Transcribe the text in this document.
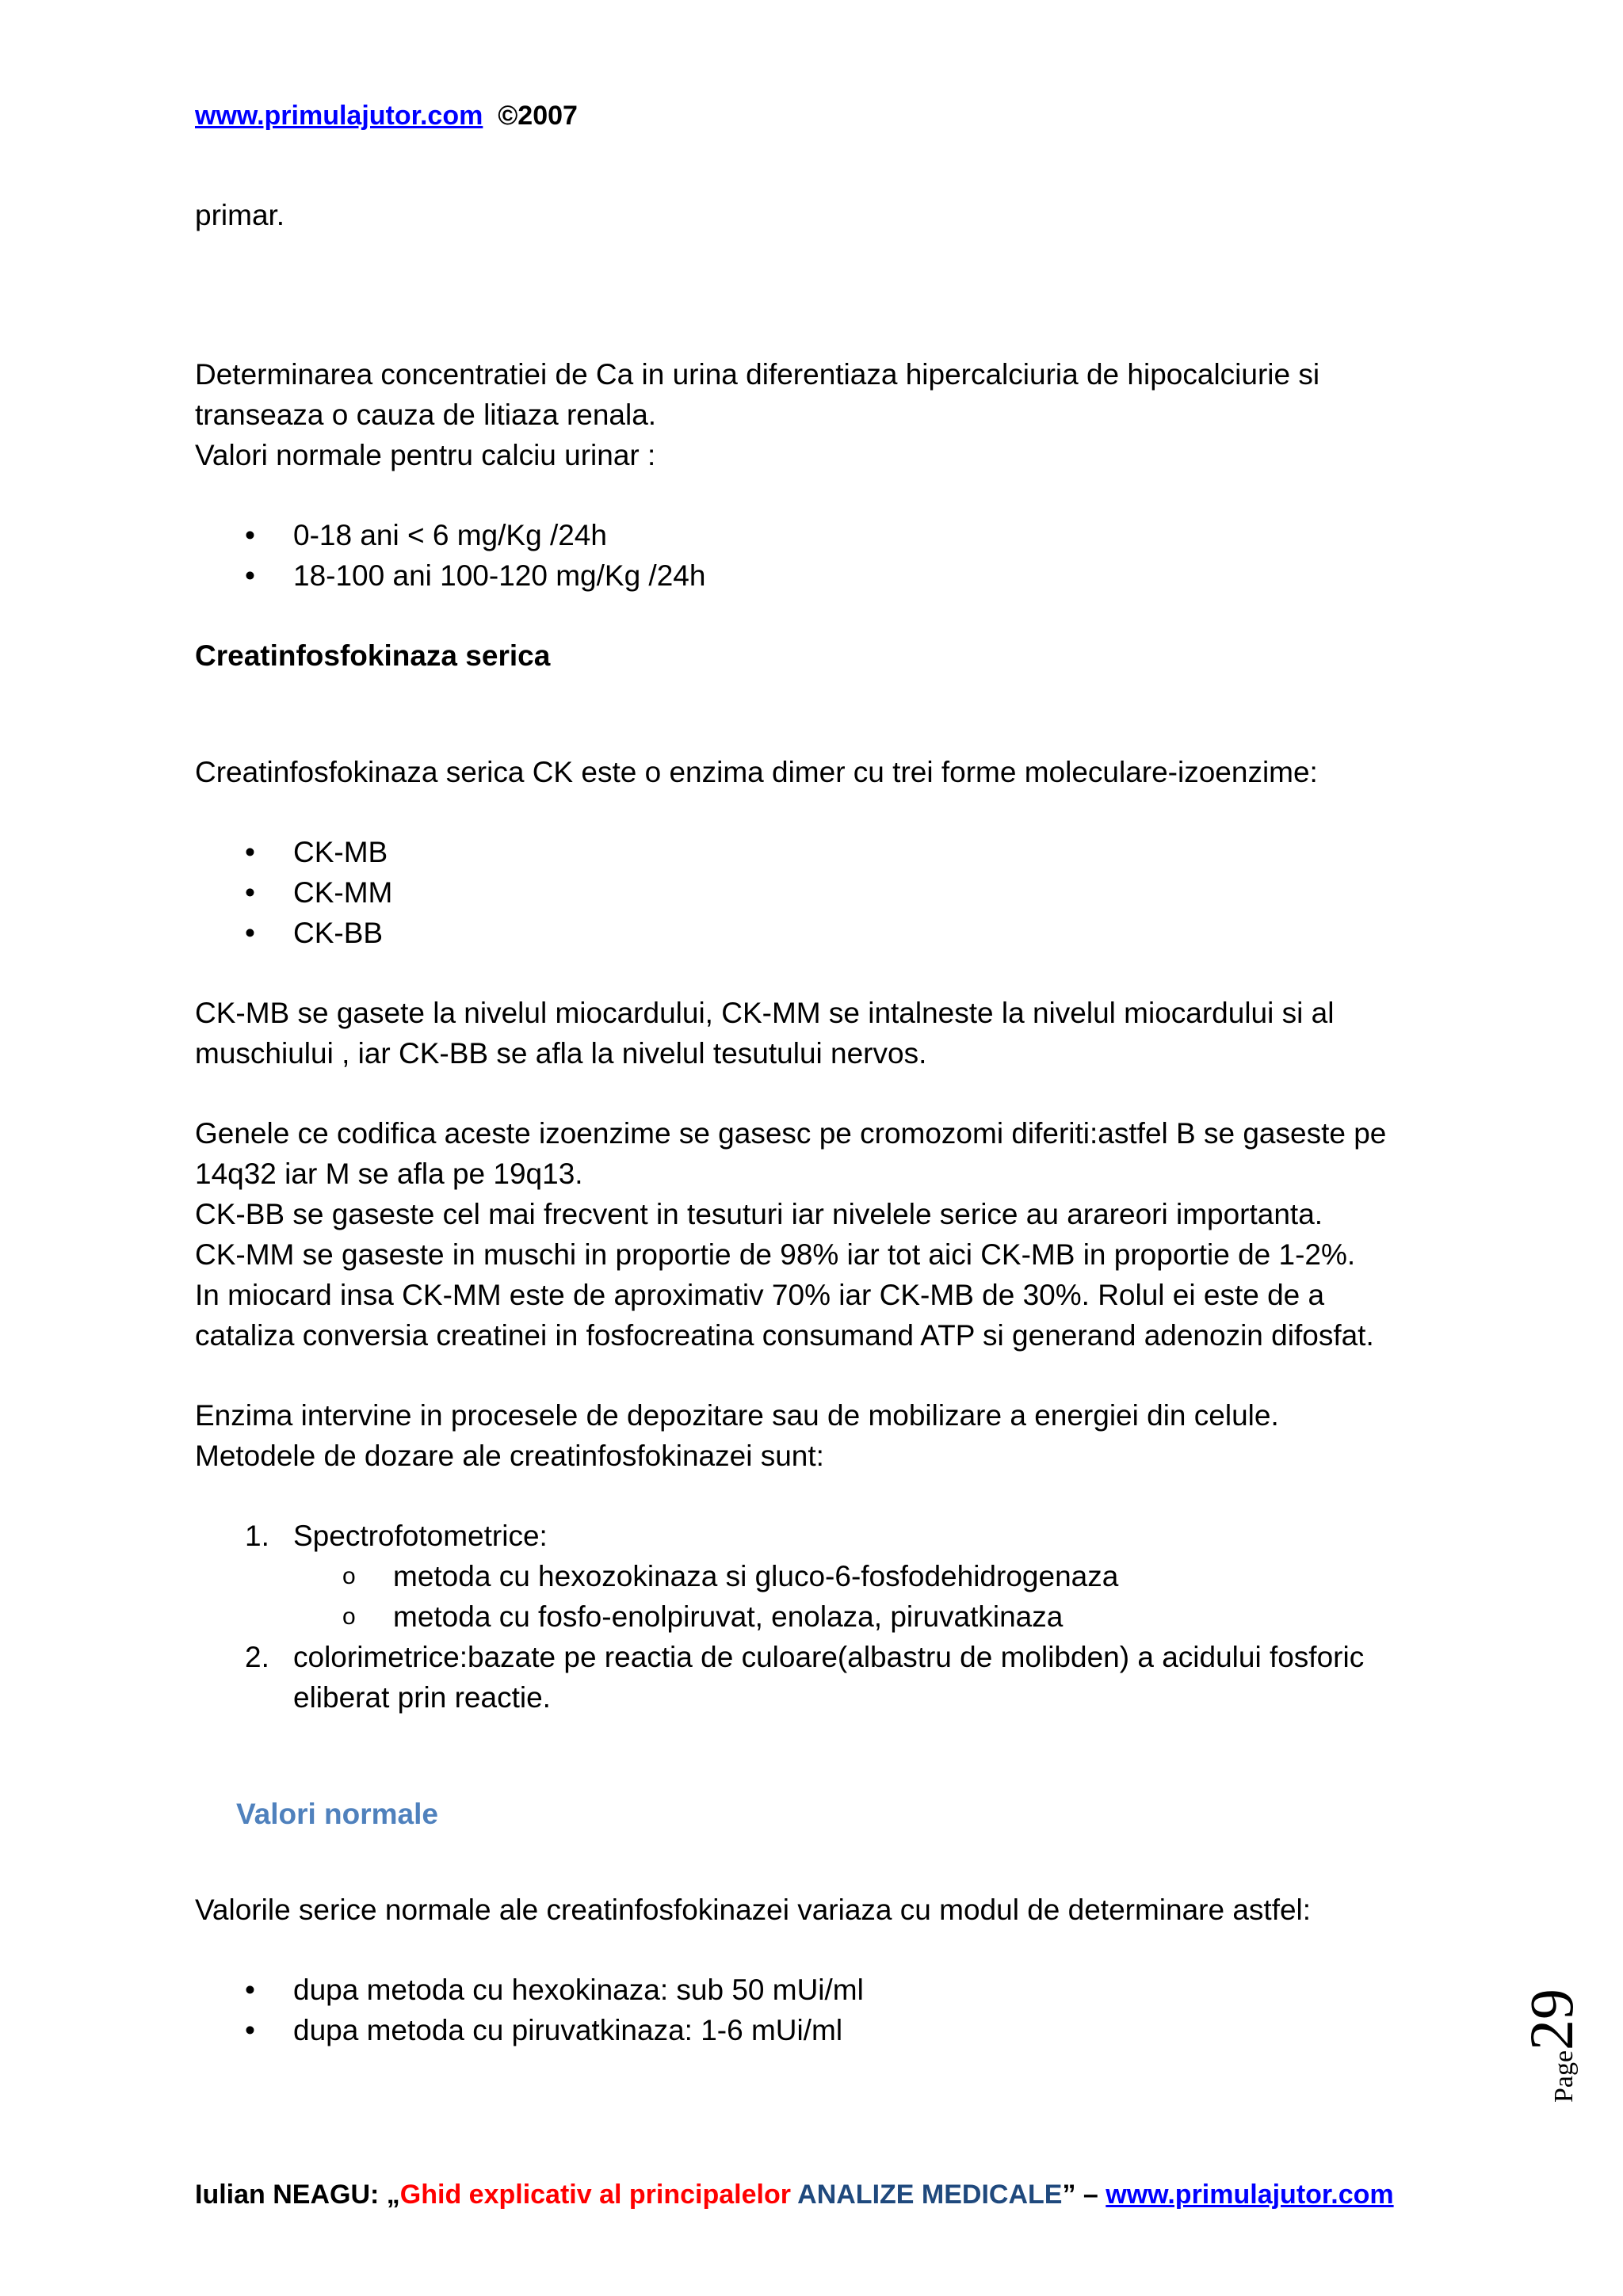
www.primulajutor.com ©2007

primar.

Determinarea concentratiei de Ca in urina diferentiaza hipercalciuria de hipocalciurie si

transeaza o cauza de litiaza renala.

Valori normale pentru calciu urinar :

• 0-18 ani < 6 mg/Kg /24h
• 18-100 ani 100-120 mg/Kg /24h

Creatinfosfokinaza serica

Creatinfosfokinaza serica CK este o enzima dimer cu trei forme moleculare-izoenzime:

• CK-MB
• CK-MM
• CK-BB

CK-MB se gasete la nivelul miocardului, CK-MM se intalneste la nivelul miocardului si al

muschiului , iar CK-BB se afla la nivelul tesutului nervos.

Genele ce codifica aceste izoenzime se gasesc pe cromozomi diferiti:astfel B se gaseste pe

14q32 iar M se afla pe 19q13.

CK-BB se gaseste cel mai frecvent in tesuturi iar nivelele serice au arareori importanta.

CK-MM se gaseste in muschi in proportie de 98% iar tot aici CK-MB in proportie de 1-2%.

In miocard insa CK-MM este de aproximativ 70% iar CK-MB de 30%. Rolul ei este de a

cataliza conversia creatinei in fosfocreatina consumand ATP si generand adenozin difosfat.

Enzima intervine in procesele de depozitare sau de mobilizare a energiei din celule.

Metodele de dozare ale creatinfosfokinazei sunt:

1. Spectrofotometrice:
o metoda cu hexozokinaza si gluco-6-fosfodehidrogenaza
o metoda cu fosfo-enolpiruvat, enolaza, piruvatkinaza
2. colorimetrice:bazate pe reactia de culoare(albastru de molibden) a acidului fosforic
eliberat prin reactie.

Valori normale

Valorile serice normale ale creatinfosfokinazei variaza cu modul de determinare astfel:

• dupa metoda cu hexokinaza: sub 50 mUi/ml
• dupa metoda cu piruvatkinaza: 1-6 mUi/ml
Page29
Iulian NEAGU: „Ghid explicativ al principalelor ANALIZE MEDICALE” – www.primulajutor.com
